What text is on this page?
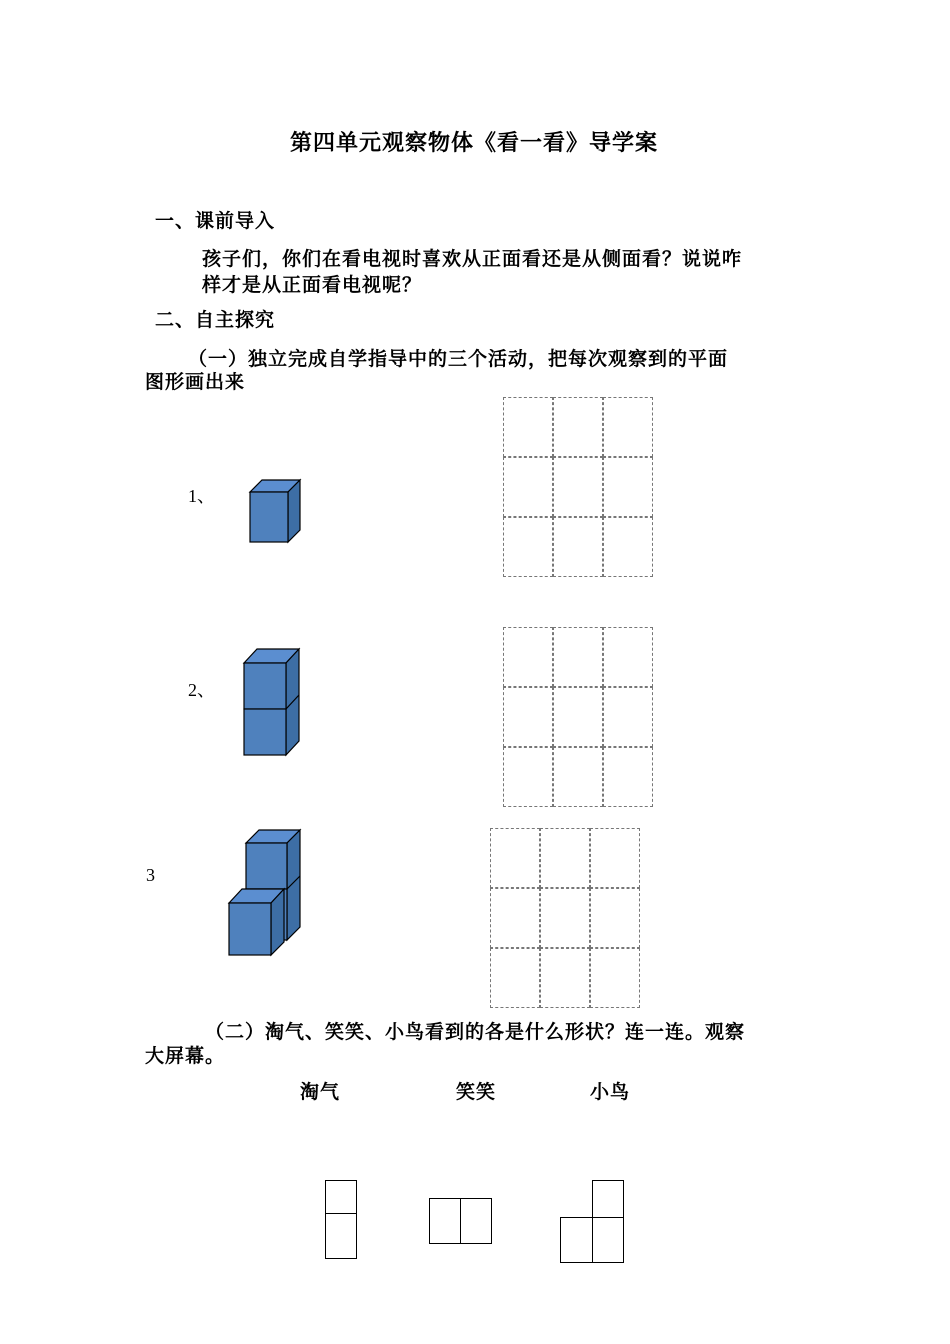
第四单元观察物体《看一看》导学案
一、课前导入
孩子们，你们在看电视时喜欢从正面看还是从侧面看？说说咋
样才是从正面看电视呢？
二、自主探究
（一）独立完成自学指导中的三个活动，把每次观察到的平面
图形画出来
1、
2、
3
（二）淘气、笑笑、小鸟看到的各是什么形状？连一连。观察
大屏幕。
淘气	笑笑	小鸟
